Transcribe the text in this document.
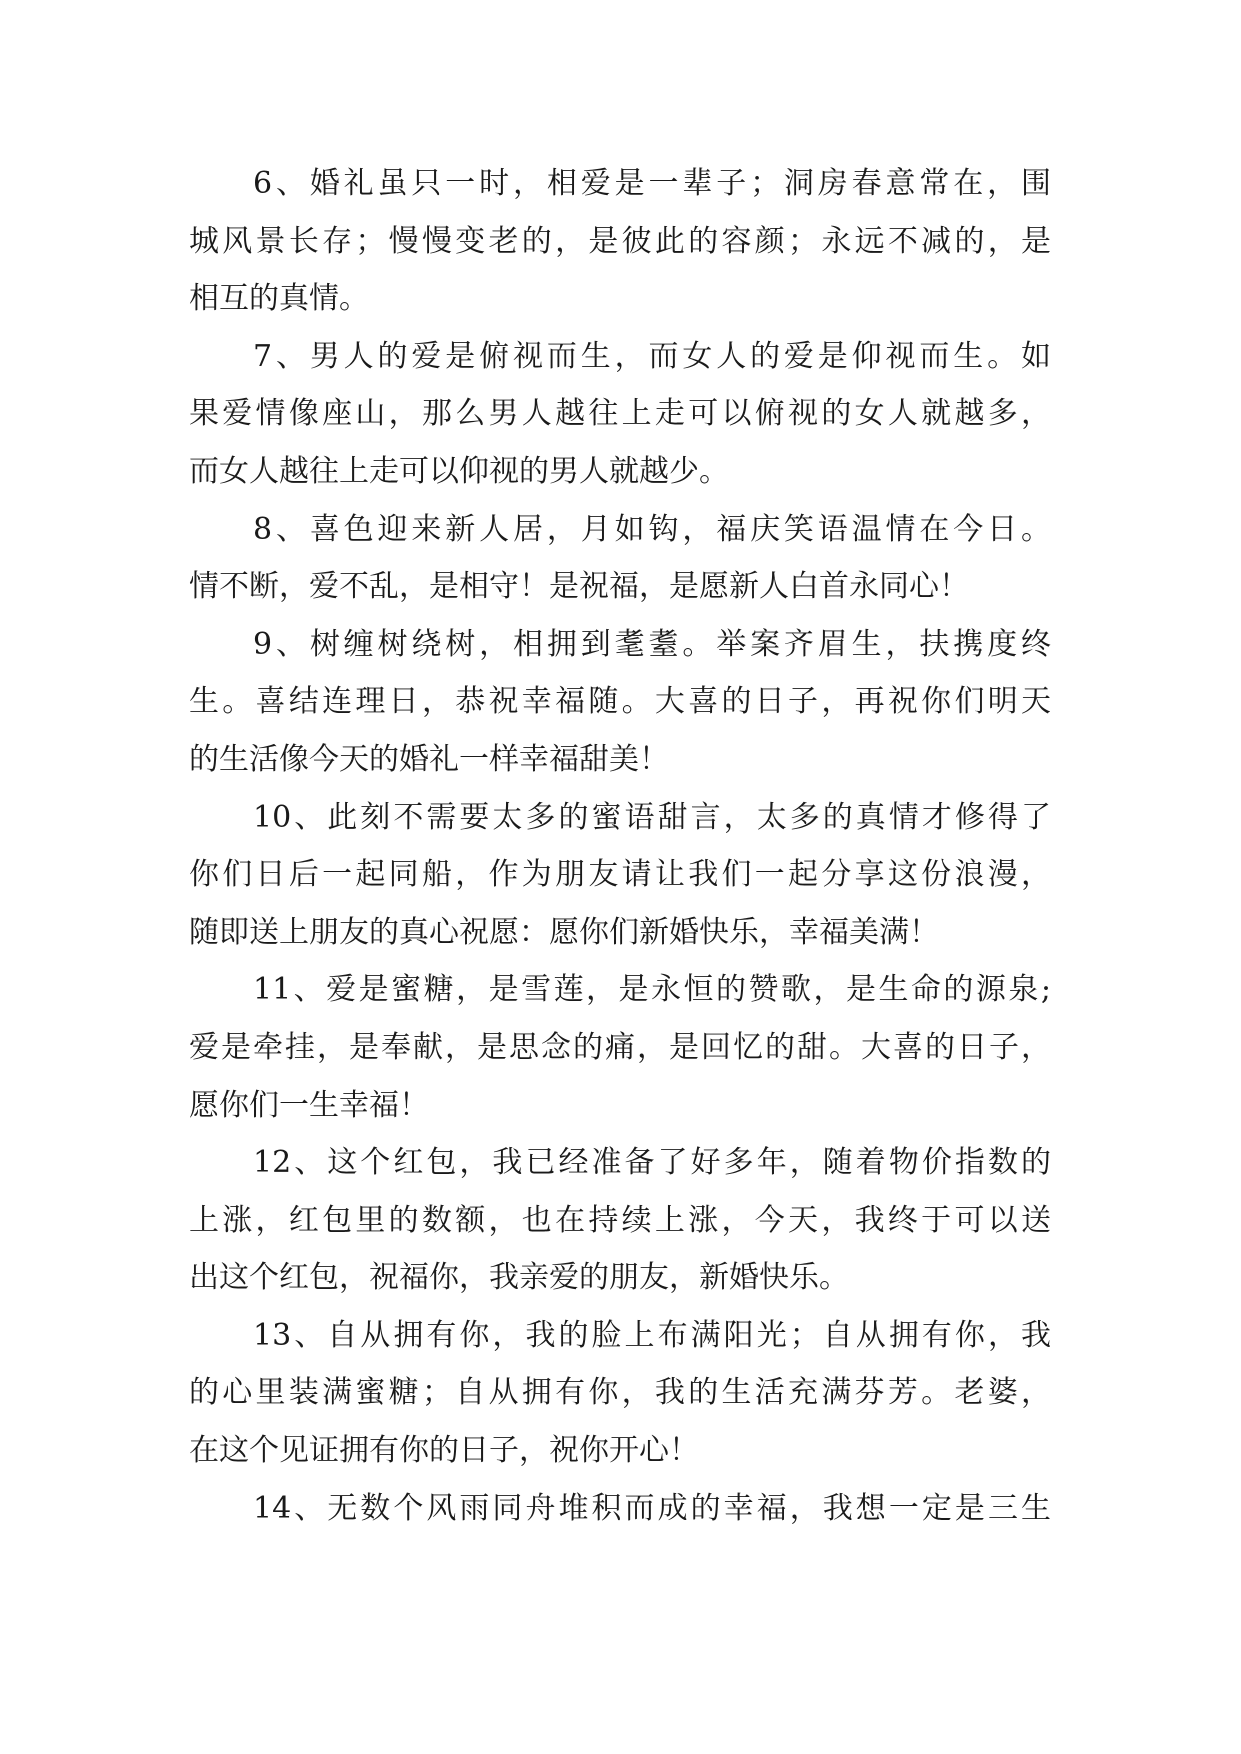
6、婚礼虽只一时，相爱是一辈子；洞房春意常在，围
城风景长存；慢慢变老的，是彼此的容颜；永远不减的，是
相互的真情。
7、男人的爱是俯视而生，而女人的爱是仰视而生。如
果爱情像座山，那么男人越往上走可以俯视的女人就越多，
而女人越往上走可以仰视的男人就越少。
8、喜色迎来新人居，月如钩，福庆笑语温情在今日。
情不断，爱不乱，是相守！是祝福，是愿新人白首永同心！
9、树缠树绕树，相拥到耄耋。举案齐眉生，扶携度终
生。喜结连理日，恭祝幸福随。大喜的日子，再祝你们明天
的生活像今天的婚礼一样幸福甜美！
10、此刻不需要太多的蜜语甜言，太多的真情才修得了
你们日后一起同船，作为朋友请让我们一起分享这份浪漫，
随即送上朋友的真心祝愿：愿你们新婚快乐，幸福美满！
11、爱是蜜糖，是雪莲，是永恒的赞歌，是生命的源泉;
爱是牵挂，是奉献，是思念的痛，是回忆的甜。大喜的日子，
愿你们一生幸福！
12、这个红包，我已经准备了好多年，随着物价指数的
上涨，红包里的数额，也在持续上涨，今天，我终于可以送
出这个红包，祝福你，我亲爱的朋友，新婚快乐。
13、自从拥有你，我的脸上布满阳光；自从拥有你，我
的心里装满蜜糖；自从拥有你，我的生活充满芬芳。老婆，
在这个见证拥有你的日子，祝你开心！
14、无数个风雨同舟堆积而成的幸福，我想一定是三生
